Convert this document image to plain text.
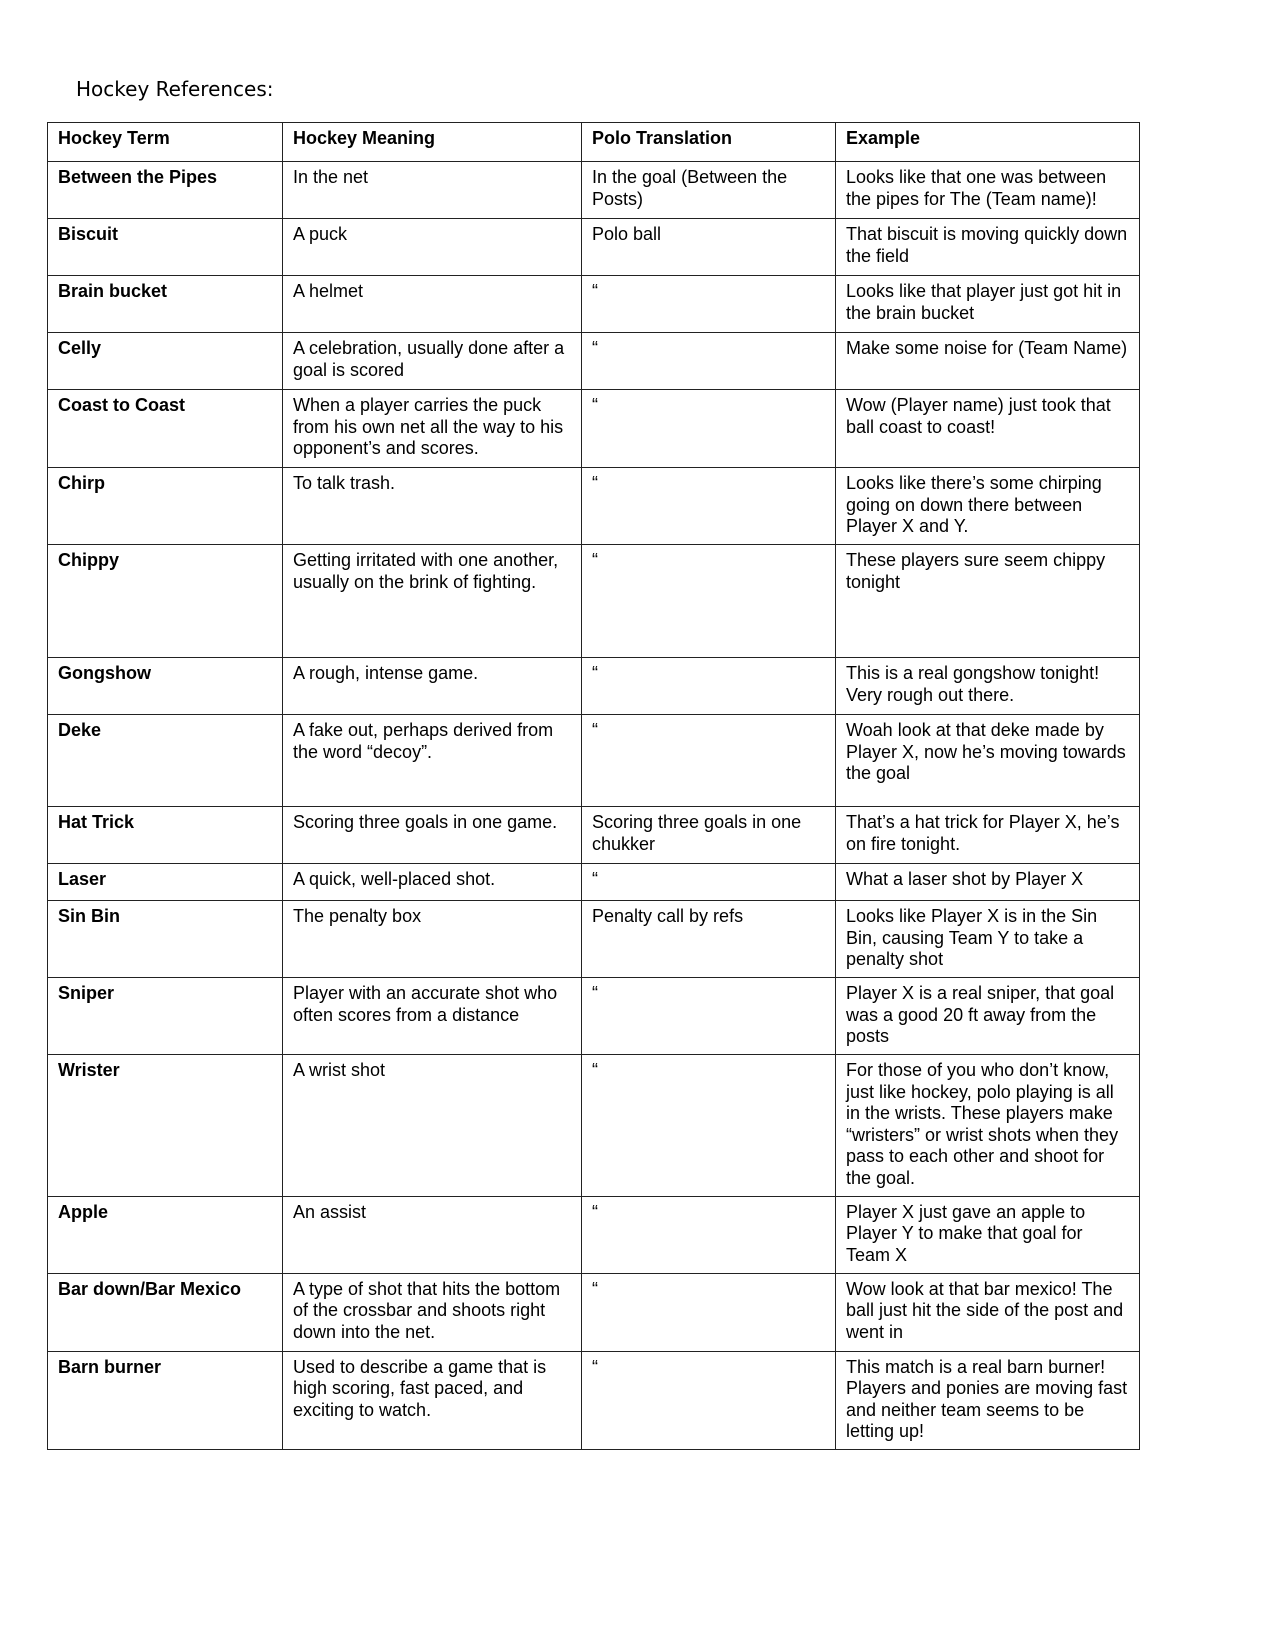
Hockey References:
Hockey Term	Hockey Meaning	Polo Translation	Example
Between the Pipes	In the net	In the goal (Between the Posts)	Looks like that one was between the pipes for The (Team name)!
Biscuit	A puck	Polo ball	That biscuit is moving quickly down the field
Brain bucket	A helmet	“	Looks like that player just got hit in the brain bucket
Celly	A celebration, usually done after a goal is scored	“	Make some noise for (Team Name)
Coast to Coast	When a player carries the puck from his own net all the way to his opponent’s and scores.	“	Wow (Player name) just took that ball coast to coast!
Chirp	To talk trash.	“	Looks like there’s some chirping going on down there between Player X and Y.
Chippy	Getting irritated with one another, usually on the brink of fighting.	“	These players sure seem chippy tonight
Gongshow	A rough, intense game.	“	This is a real gongshow tonight! Very rough out there.
Deke	A fake out, perhaps derived from the word “decoy”.	“	Woah look at that deke made by Player X, now he’s moving towards the goal
Hat Trick	Scoring three goals in one game.	Scoring three goals in one chukker	That’s a hat trick for Player X, he’s on fire tonight.
Laser	A quick, well-placed shot.	“	What a laser shot by Player X
Sin Bin	The penalty box	Penalty call by refs	Looks like Player X is in the Sin Bin, causing Team Y to take a penalty shot
Sniper	Player with an accurate shot who often scores from a distance	“	Player X is a real sniper, that goal was a good 20 ft away from the posts
Wrister	A wrist shot	“	For those of you who don’t know, just like hockey, polo playing is all in the wrists. These players make “wristers” or wrist shots when they pass to each other and shoot for the goal.
Apple	An assist	“	Player X just gave an apple to Player Y to make that goal for Team X
Bar down/Bar Mexico	A type of shot that hits the bottom of the crossbar and shoots right down into the net.	“	Wow look at that bar mexico! The ball just hit the side of the post and went in
Barn burner	Used to describe a game that is high scoring, fast paced, and exciting to watch.	“	This match is a real barn burner! Players and ponies are moving fast and neither team seems to be letting up!
